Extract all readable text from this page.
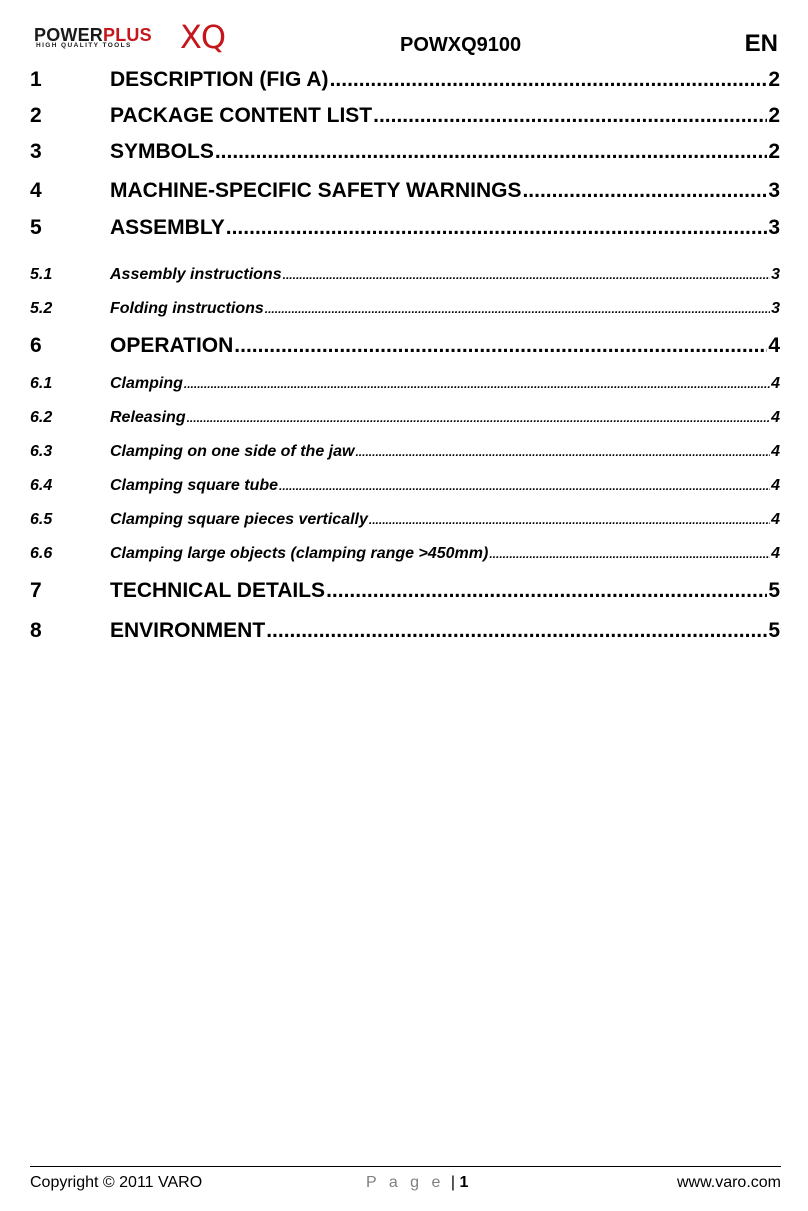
POWERPLUS
HIGH QUALITY TOOLS XQ	POWXQ9100	EN
1	DESCRIPTION (FIG A) .....	2
2	PACKAGE CONTENT LIST .....	2
3	SYMBOLS .....	2
4	MACHINE-SPECIFIC SAFETY WARNINGS .....	3
5	ASSEMBLY .....	3
5.1	Assembly instructions .....	3
5.2	Folding instructions .....	3
6	OPERATION .....	4
6.1	Clamping .....	4
6.2	Releasing .....	4
6.3	Clamping on one side of the jaw .....	4
6.4	Clamping square tube .....	4
6.5	Clamping square pieces vertically .....	4
6.6	Clamping large objects (clamping range >450mm) .....	4
7	TECHNICAL DETAILS .....	5
8	ENVIRONMENT .....	5
Copyright © 2011 VARO	P a g e | 1	www.varo.com
